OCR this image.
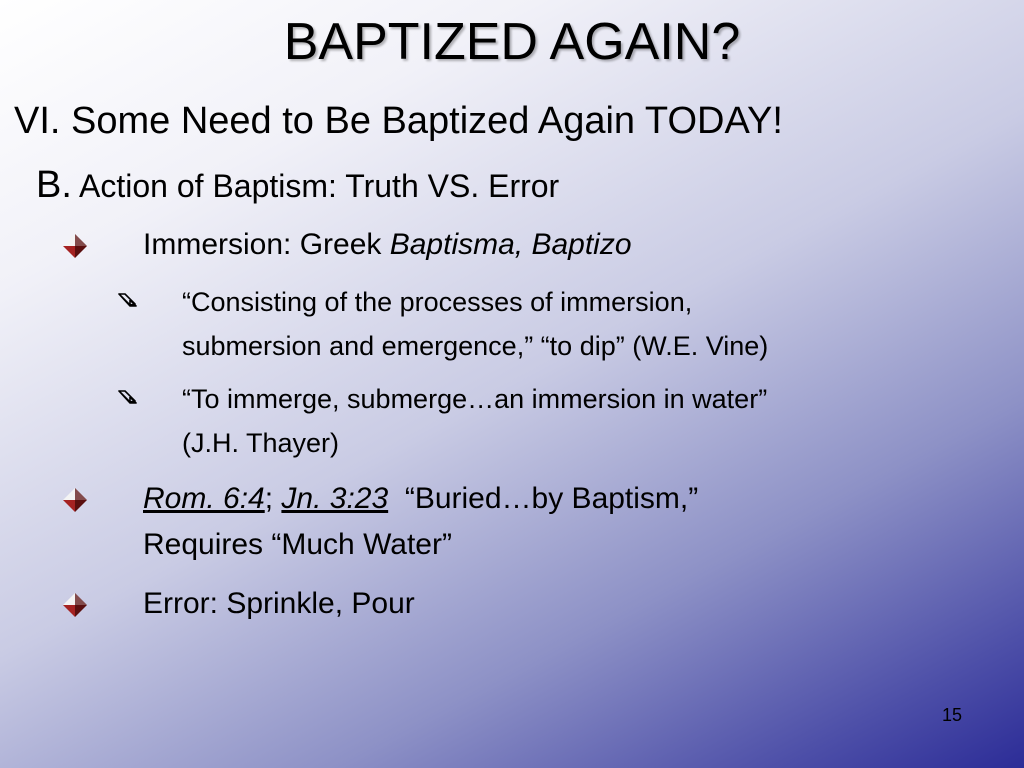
BAPTIZED AGAIN?
VI. Some Need to Be Baptized Again TODAY!
B. Action of Baptism: Truth VS. Error
Immersion: Greek Baptisma, Baptizo
“Consisting of the processes of immersion,
submersion and emergence,” “to dip” (W.E. Vine)
“To immerge, submerge…an immersion in water”
(J.H. Thayer)
Rom. 6:4; Jn. 3:23 “Buried…by Baptism,”
Requires “Much Water”
Error: Sprinkle, Pour
15
